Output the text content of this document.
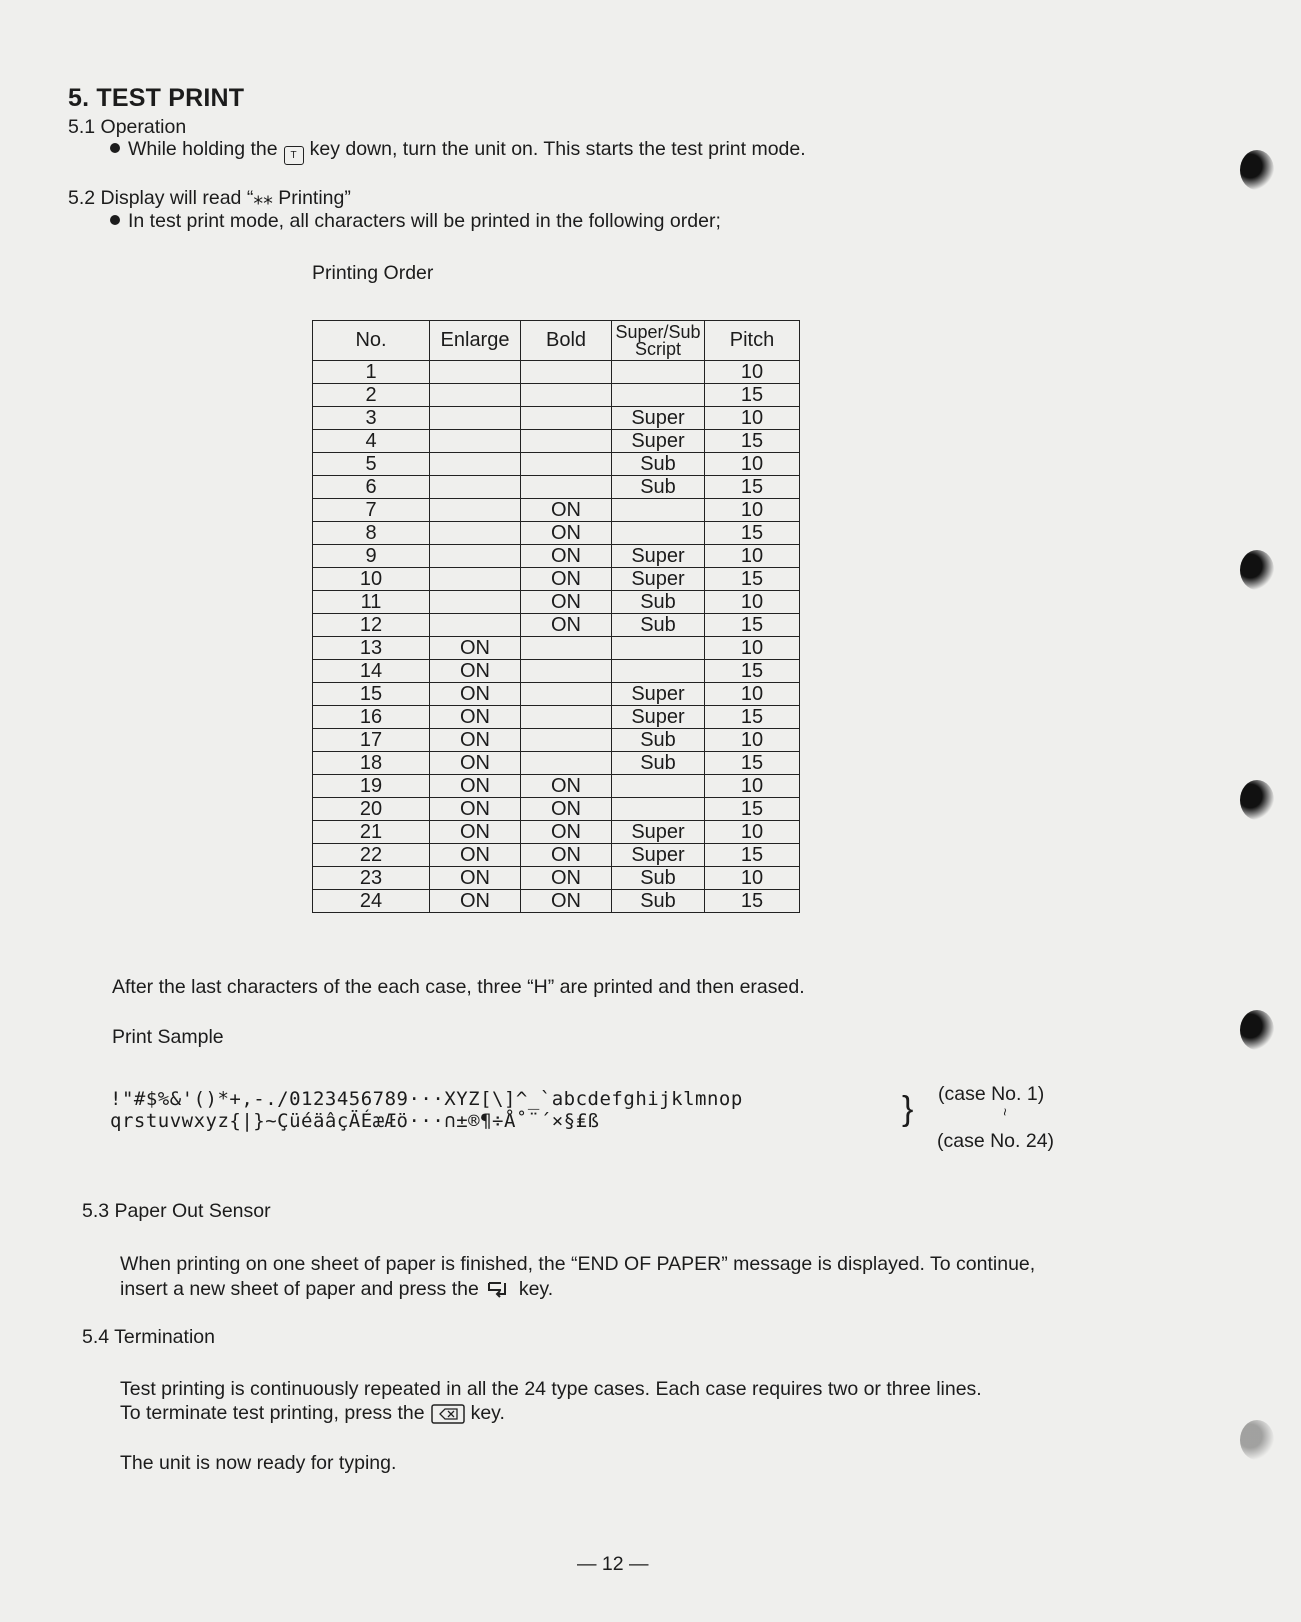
5. TEST PRINT
5.1 Operation
While holding the T key down, turn the unit on. This starts the test print mode.
5.2 Display will read “⁎⁎ Printing”
In test print mode, all characters will be printed in the following order;
Printing Order
No.	Enlarge	Bold	Super/Sub
Script	Pitch
1				10
2				15
3			Super	10
4			Super	15
5			Sub	10
6			Sub	15
7		ON		10
8		ON		15
9		ON	Super	10
10		ON	Super	15
11		ON	Sub	10
12		ON	Sub	15
13	ON			10
14	ON			15
15	ON		Super	10
16	ON		Super	15
17	ON		Sub	10
18	ON		Sub	15
19	ON	ON		10
20	ON	ON		15
21	ON	ON	Super	10
22	ON	ON	Super	15
23	ON	ON	Sub	10
24	ON	ON	Sub	15
After the last characters of the each case, three “H” are printed and then erased.
Print Sample
!"#$%&'()*+,-./0123456789···XYZ[\]^_`abcdefghijklmnop
qrstuvwxyz{|}~ÇüéäâçÄÉæÆö···∩±®¶÷Å˚¨´×§₤ß	} (case No. 1)
~
(case No. 24)
5.3 Paper Out Sensor
When printing on one sheet of paper is finished, the “END OF PAPER” message is displayed. To continue,
insert a new sheet of paper and press the key.
5.4 Termination
Test printing is continuously repeated in all the 24 type cases. Each case requires two or three lines.
To terminate test printing, press the key.
The unit is now ready for typing.
— 12 —
